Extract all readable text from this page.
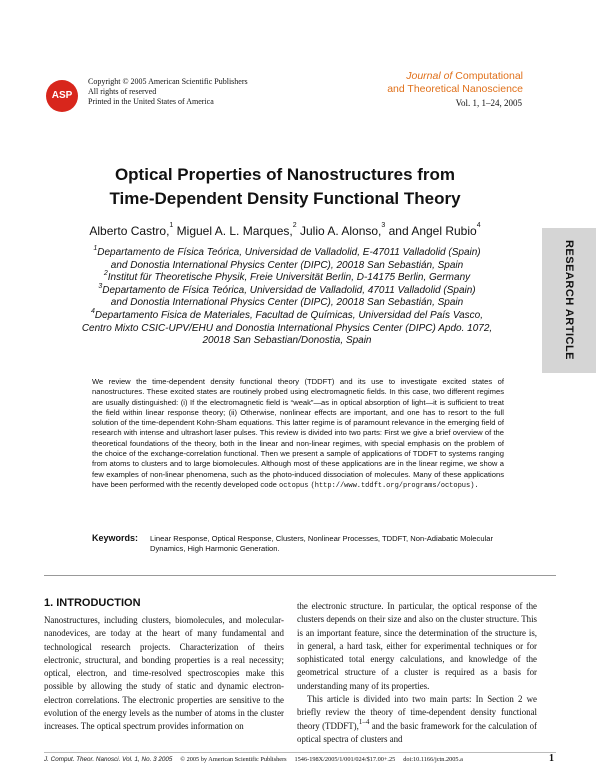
ASP
Copyright © 2005 American Scientific Publishers
All rights of reserved
Printed in the United States of America
Journal of Computational
and Theoretical Nanoscience
Vol. 1, 1–24, 2005
RESEARCH ARTICLE
Optical Properties of Nanostructures from
Time-Dependent Density Functional Theory
Alberto Castro,$^1$ Miguel A. L. Marques,$^2$ Julio A. Alonso,$^3$ and Angel Rubio$^4$
$^1$Departamento de Física Teórica, Universidad de Valladolid, E-47011 Valladolid (Spain)
and Donostia International Physics Center (DIPC), 20018 San Sebastián, Spain
$^2$Institut für Theoretische Physik, Freie Universität Berlin, D-14175 Berlin, Germany
$^3$Departamento de Física Teórica, Universidad de Valladolid, 47011 Valladolid (Spain)
and Donostia International Physics Center (DIPC), 20018 San Sebastián, Spain
$^4$Departamento Fisica de Materiales, Facultad de Químicas, Universidad del País Vasco,
Centro Mixto CSIC-UPV/EHU and Donostia International Physics Center (DIPC) Apdo. 1072,
20018 San Sebastian/Donostia, Spain
We review the time-dependent density functional theory (TDDFT) and its use to investigate excited states of nanostructures. These excited states are routinely probed using electromagnetic fields. In this case, two different regimes are usually distinguished: (i) If the electromagnetic field is “weak”—as in optical absorption of light—it is sufficient to treat the field within linear response theory; (ii) Otherwise, nonlinear effects are important, and one has to resort to the full solution of the time-dependent Kohn-Sham equations. This latter regime is of paramount relevance in the emerging field of research with intense and ultrashort laser pulses. This review is divided into two parts: First we give a brief overview of the theoretical foundations of the theory, both in the linear and non-linear regimes, with special emphasis on the problem of the choice of the exchange-correlation functional. Then we present a sample of applications of TDDFT to systems ranging from atoms to clusters and to large biomolecules. Although most of these applications are in the linear regime, we show a few examples of non-linear phenomena, such as the photo-induced dissociation of molecules. Many of these applications have been performed with the recently developed code octopus (http://www.tddft.org/programs/octopus).
Keywords: Linear Response, Optical Response, Clusters, Nonlinear Processes, TDDFT, Non-Adiabatic Molecular Dynamics, High Harmonic Generation.
1. INTRODUCTION

Nanostructures, including clusters, biomolecules, and molecular-nanodevices, are today at the heart of many fundamental and technological research projects. Characterization of theirs electronic, structural, and bonding properties is a real necessity; optical, electron, and time-resolved spectroscopies make this possible by allowing the study of static and dynamic electron-electron correlations. The electronic properties are sensitive to the evolution of the energy levels as the number of atoms in the cluster increases. The optical spectrum provides information on

the electronic structure. In particular, the optical response of the clusters depends on their size and also on the cluster structure. This is an important feature, since the determination of the structure is, in general, a hard task, either for experimental techniques or for sophisticated total energy calculations, and knowledge of the geometrical structure of a cluster is required as a basis for understanding many of its properties.

This article is divided into two main parts: In Section 2 we briefly review the theory of time-dependent density functional theory (TDDFT),$^{1-4}$ and the basic framework for the calculation of optical spectra of clusters and

J. Comput. Theor. Nanosci. Vol. 1, No. 3 2005 © 2005 by American Scientific Publishers 1546-198X/2005/1/001/024/$17.00+.25 doi:10.1166/jctn.2005.a	1
